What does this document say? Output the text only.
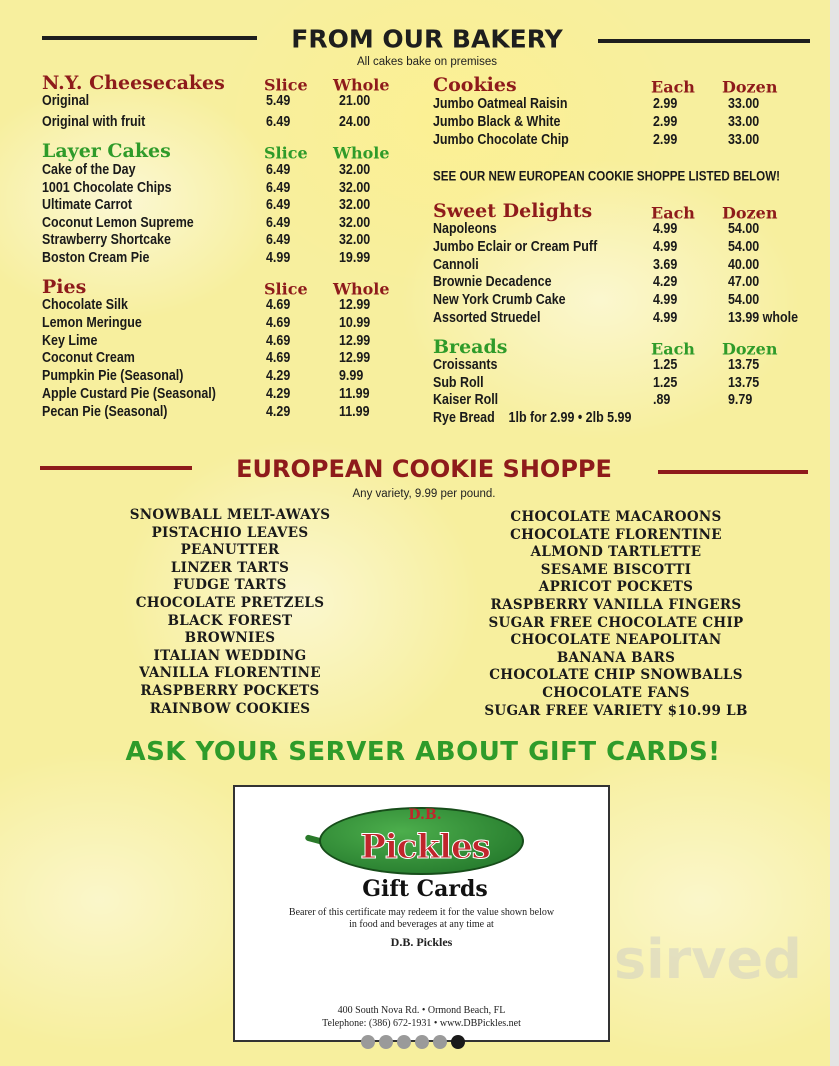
sirved
FROM OUR BAKERY
All cakes bake on premises
N.Y. Cheesecakes Slice Whole
Original	5.49	21.00
Original with fruit	6.49	24.00
Layer Cakes	Slice Whole
Cake of the Day	6.49	32.00
1001 Chocolate Chips	6.49	32.00
Ultimate Carrot	6.49	32.00
Coconut Lemon Supreme	6.49	32.00
Strawberry Shortcake	6.49	32.00
Boston Cream Pie	4.99	19.99
Pies	Slice Whole
Chocolate Silk	4.69	12.99
Lemon Meringue	4.69	10.99
Key Lime	4.69	12.99
Coconut Cream	4.69	12.99
Pumpkin Pie (Seasonal)	4.29	9.99
Apple Custard Pie (Seasonal)	4.29	11.99
Pecan Pie (Seasonal)	4.29	11.99
Cookies	Each Dozen
Jumbo Oatmeal Raisin	2.99	33.00
Jumbo Black & White	2.99	33.00
Jumbo Chocolate Chip	2.99	33.00
Sweet Delights	Each Dozen
Napoleons	4.99	54.00
Jumbo Eclair or Cream Puff	4.99	54.00
Cannoli	3.69	40.00
Brownie Decadence	4.29	47.00
New York Crumb Cake	4.99	54.00
Assorted Struedel	4.99	13.99 whole
Breads	Each Dozen
Croissants	1.25	13.75
Sub Roll	1.25	13.75
Kaiser Roll	.89	9.79
SEE OUR NEW EUROPEAN COOKIE SHOPPE LISTED BELOW!
Rye Bread    1lb for 2.99 • 2lb 5.99
EUROPEAN COOKIE SHOPPE
Any variety, 9.99 per pound.
SNOWBALL MELT-AWAYS
PISTACHIO LEAVES
PEANUTTER
LINZER TARTS
FUDGE TARTS
CHOCOLATE PRETZELS
BLACK FOREST
BROWNIES
ITALIAN WEDDING
VANILLA FLORENTINE
RASPBERRY POCKETS
RAINBOW COOKIES
CHOCOLATE MACAROONS
CHOCOLATE FLORENTINE
ALMOND TARTLETTE
SESAME BISCOTTI
APRICOT POCKETS
RASPBERRY VANILLA FINGERS
SUGAR FREE CHOCOLATE CHIP
CHOCOLATE NEAPOLITAN
BANANA BARS
CHOCOLATE CHIP SNOWBALLS
CHOCOLATE FANS
SUGAR FREE VARIETY $10.99 LB
ASK YOUR SERVER ABOUT GIFT CARDS!
D.B.
Pickles
Gift Cards
Bearer of this certificate may redeem it for the value shown below
in food and beverages at any time at
D.B. Pickles
400 South Nova Rd. • Ormond Beach, FL
Telephone: (386) 672-1931 • www.DBPickles.net
